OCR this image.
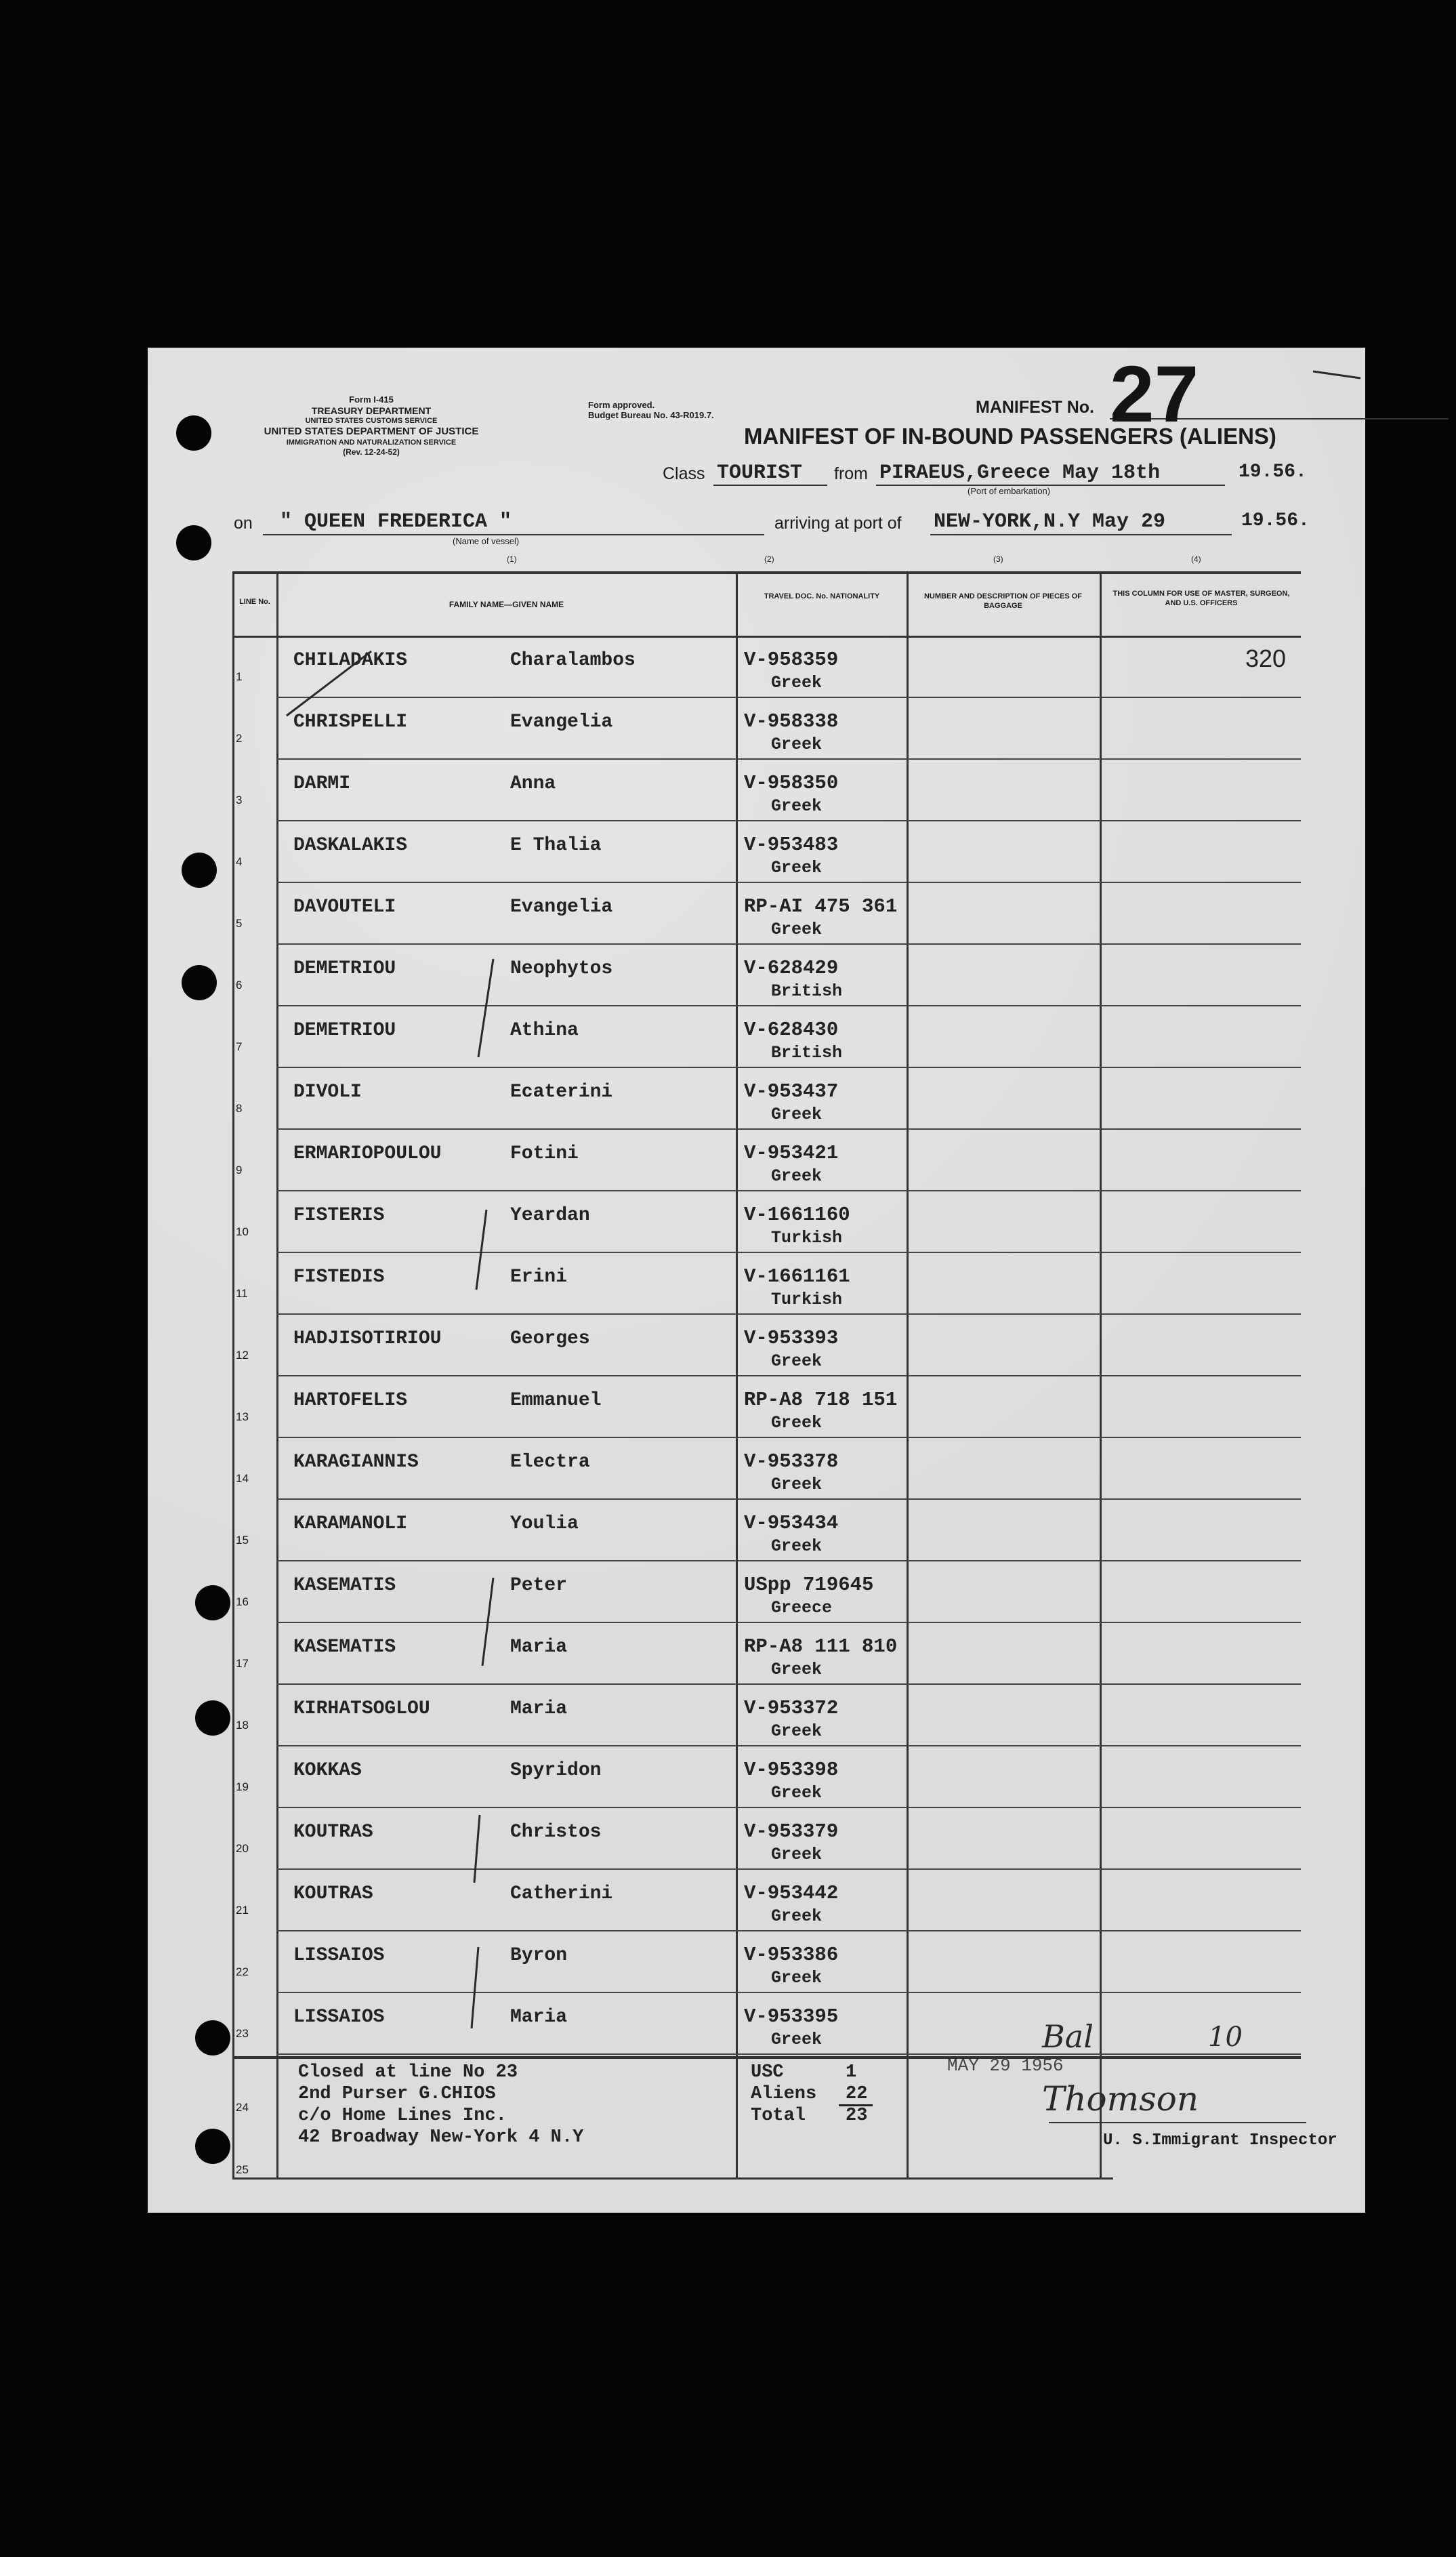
Form I-415
TREASURY DEPARTMENT
UNITED STATES CUSTOMS SERVICE
UNITED STATES DEPARTMENT OF JUSTICE
IMMIGRATION AND NATURALIZATION SERVICE
(Rev. 12-24-52)
Form approved.
Budget Bureau No. 43-R019.7.	MANIFEST No. 27
MANIFEST OF IN-BOUND PASSENGERS (ALIENS)
Class TOURIST from PIRAEUS,Greece May 18th
(Port of embarkation)
19.56.
on " QUEEN FREDERICA "
(Name of vessel)
arriving at port of NEW-YORK,N.Y May 29	19.56.
(1)	(2)	(3)	(4)
LINE No.	FAMILY NAME—GIVEN NAME
TRAVEL DOC. No. NATIONALITY	NUMBER AND DESCRIPTION OF PIECES OF BAGGAGE
THIS COLUMN FOR USE OF MASTER, SURGEON, AND U.S. OFFICERS
1
CHILADAKIS	Charalambos	V-958359
Greek
320
2
CHRISPELLI	Evangelia	V-958338
Greek
3
DARMI	Anna	V-958350
Greek
4
DASKALAKIS	E Thalia	V-953483
Greek
5
DAVOUTELI	Evangelia	RP-AI 475 361
Greek
6
DEMETRIOU	Neophytos	V-628429
British
7
DEMETRIOU	Athina	V-628430
British
8
DIVOLI	Ecaterini	V-953437
Greek
9
ERMARIOPOULOU	Fotini	V-953421
Greek
10
FISTERIS	Yeardan	V-1661160
Turkish
11
FISTEDIS	Erini	V-1661161
Turkish
12
HADJISOTIRIOU	Georges	V-953393
Greek
13
HARTOFELIS	Emmanuel	RP-A8 718 151
Greek
14
KARAGIANNIS	Electra	V-953378
Greek
15
KARAMANOLI	Youlia	V-953434
Greek
16
KASEMATIS	Peter	USpp 719645
Greece
17
KASEMATIS	Maria	RP-A8 111 810
Greek
18
KIRHATSOGLOU	Maria	V-953372
Greek
19
KOKKAS	Spyridon	V-953398
Greek
20
KOUTRAS	Christos	V-953379
Greek
21
KOUTRAS	Catherini	V-953442
Greek
22
LISSAIOS	Byron	V-953386
Greek
23
LISSAIOS	Maria	V-953395
Greek
24
25
Closed at line No 23
2nd Purser G.CHIOS
c/o Home Lines Inc.
42 Broadway New-York 4 N.Y
USC	1
Aliens 22
Total 23
MAY 29 1956
Bal	10
Thomson
U. S.Immigrant Inspector
